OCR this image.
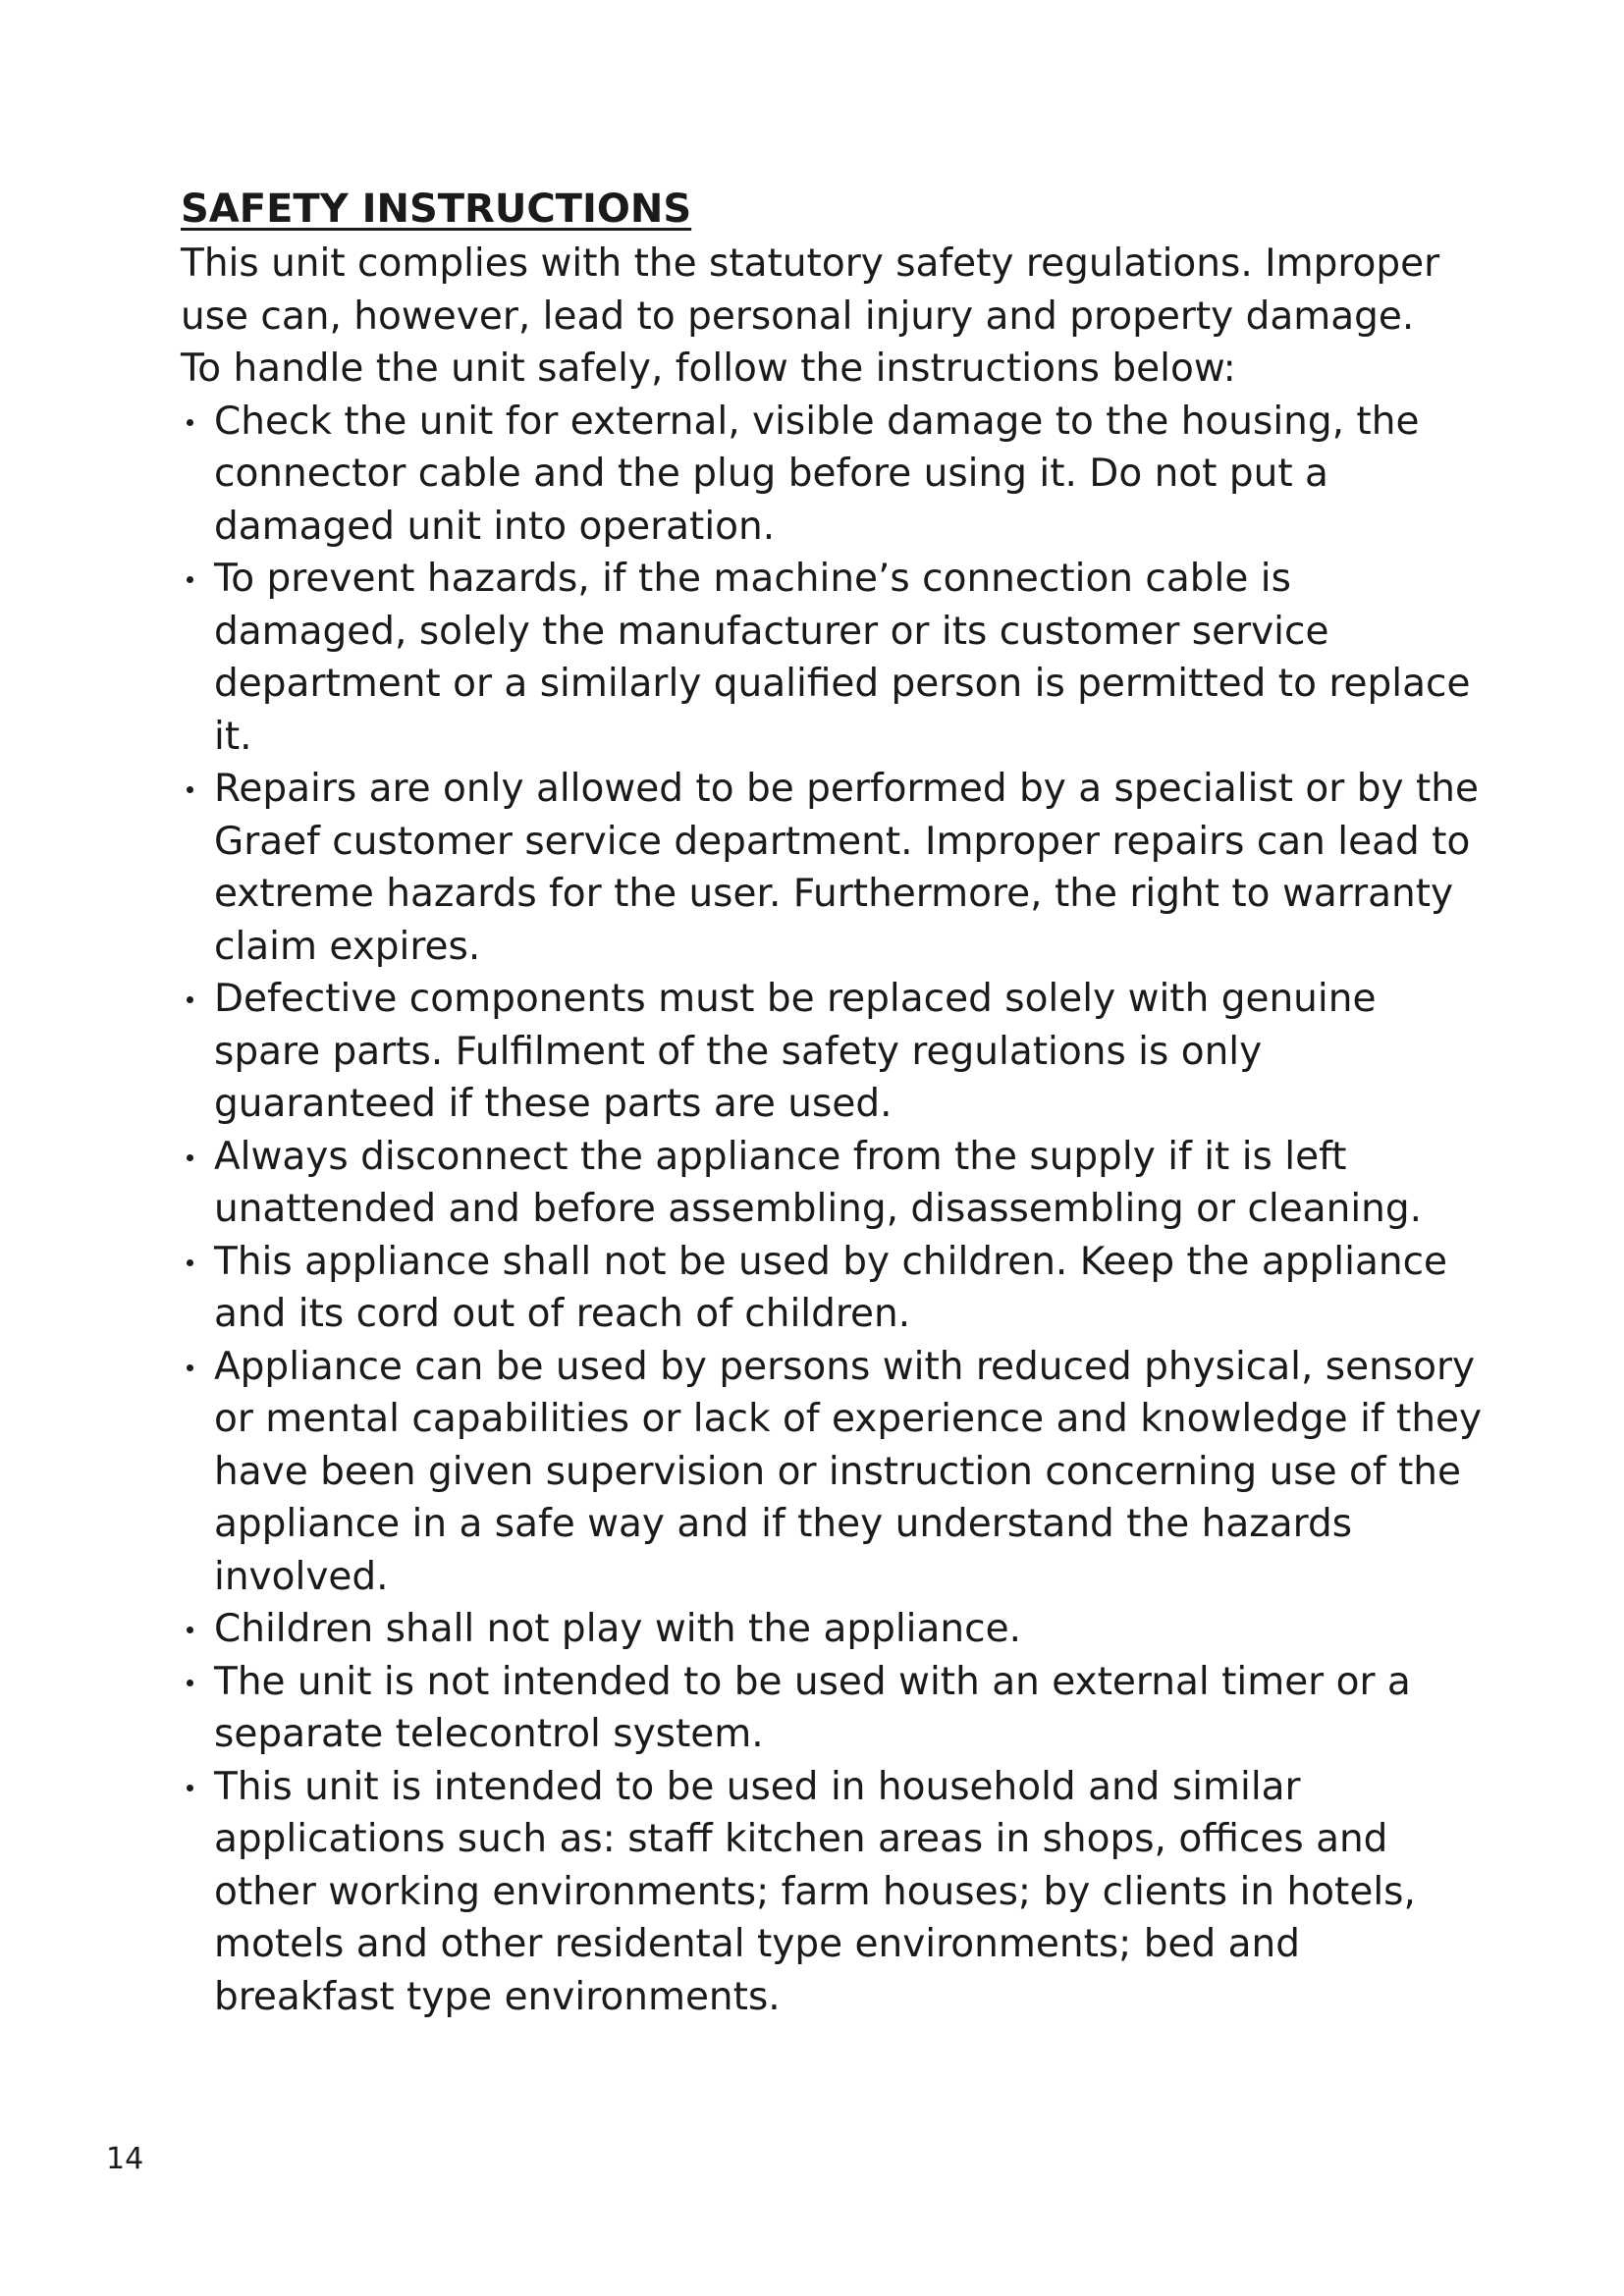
SAFETY INSTRUCTIONS

This unit complies with the statutory safety regulations. Improper use can, however, lead to personal injury and property damage.

To handle the unit safely, follow the instructions below:

Check the unit for external, visible damage to the housing, the connector cable and the plug before using it. Do not put a damaged unit into operation.
To prevent hazards, if the machine’s connection cable is damaged, solely the manufacturer or its customer service department or a similarly qualified person is permitted to replace it.
Repairs are only allowed to be performed by a specialist or by the Graef customer service department. Improper repairs can lead to extreme hazards for the user. Furthermore, the right to warranty claim expires.
Defective components must be replaced solely with genuine spare parts. Fulfilment of the safety regulations is only guaranteed if these parts are used.
Always disconnect the appliance from the supply if it is left unattended and before assembling, disassembling or cleaning.
This appliance shall not be used by children. Keep the appliance and its cord out of reach of children.
Appliance can be used by persons with reduced physical, sensory or mental capabilities or lack of experience and knowledge if they have been given supervision or instruction concerning use of the appliance in a safe way and if they understand the hazards involved.
Children shall not play with the appliance.
The unit is not intended to be used with an external timer or a separate telecontrol system.
This unit is intended to be used in household and similar applications such as: staff kitchen areas in shops, offices and other working environments; farm houses; by clients in hotels, motels and other residental type environments; bed and breakfast type environments.
14
